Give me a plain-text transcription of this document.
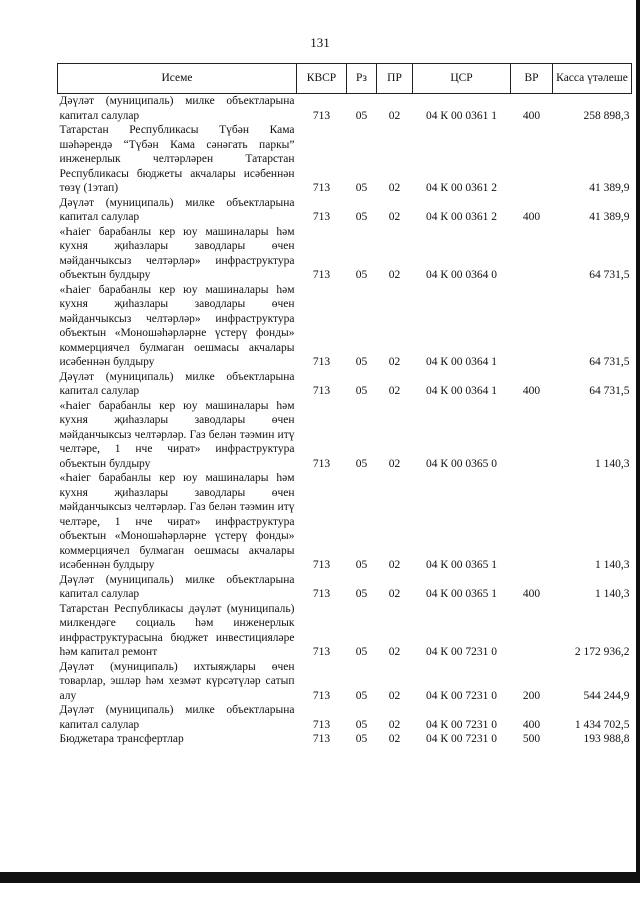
131
Исеме	КВСР	Рз	ПР	ЦСР	ВР	Касса үтәлеше
Дәүләт (муниципаль) милке объектларына капитал салулар	713	05	02	04 К 00 0361 1	400	258 898,3
Татарстан Республикасы Түбән Кама шәһәрендә “Түбән Кама сәнәгать паркы” инженерлык челтәрләрен Татарстан Республикасы бюджеты акчалары исәбеннән төзү (1этап)	713	05	02	04 К 00 0361 2		41 389,9
Дәүләт (муниципаль) милке объектларына капитал салулар	713	05	02	04 К 00 0361 2	400	41 389,9
«Һаіег барабанлы кер юу машиналары һәм кухня җиһазлары заводлары өчен мәйданчыксыз челтәрләр» инфраструктура объектын булдыру	713	05	02	04 К 00 0364 0		64 731,5
«Һаіег барабанлы кер юу машиналары һәм кухня җиһазлары заводлары өчен мәйданчыксыз челтәрләр» инфраструктура объектын «Моношәһәрләрне үстерү фонды» коммерциячел булмаган оешмасы акчалары исәбеннән булдыру	713	05	02	04 К 00 0364 1		64 731,5
Дәүләт (муниципаль) милке объектларына капитал салулар	713	05	02	04 К 00 0364 1	400	64 731,5
«Һаіег барабанлы кер юу машиналары һәм кухня җиһазлары заводлары өчен мәйданчыксыз челтәрләр. Газ белән тәэмин итү челтәре, 1 нче чират» инфраструктура объектын булдыру	713	05	02	04 К 00 0365 0		1 140,3
«Һаіег барабанлы кер юу машиналары һәм кухня җиһазлары заводлары өчен мәйданчыксыз челтәрләр. Газ белән тәэмин итү челтәре, 1 нче чират» инфраструктура объектын «Моношәһәрләрне үстерү фонды» коммерциячел булмаган оешмасы акчалары исәбеннән булдыру	713	05	02	04 К 00 0365 1		1 140,3
Дәүләт (муниципаль) милке объектларына капитал салулар	713	05	02	04 К 00 0365 1	400	1 140,3
Татарстан Республикасы дәүләт (муниципаль) милкендәге социаль һәм инженерлык инфраструктурасына бюджет инвестицияләре һәм капитал ремонт	713	05	02	04 К 00 7231 0		2 172 936,2
Дәүләт (муниципаль) ихтыяҗлары өчен товарлар, эшләр һәм хезмәт күрсәтүләр сатып алу	713	05	02	04 К 00 7231 0	200	544 244,9
Дәүләт (муниципаль) милке объектларына капитал салулар	713	05	02	04 К 00 7231 0	400	1 434 702,5
Бюджетара трансфертлар	713	05	02	04 К 00 7231 0	500	193 988,8
